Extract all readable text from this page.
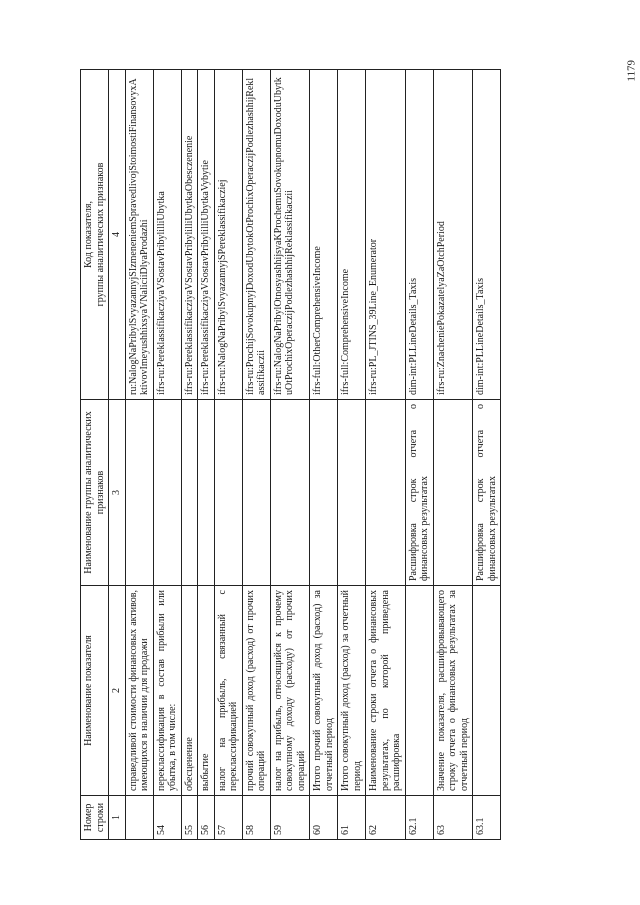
1179
Номер строки	Наименование показателя	Наименование группы аналитических признаков	Код показателя,
группы аналитических признаков
1	2	3	4
	справедливой стоимости финансовых активов, имеющихся в наличии для продажи		ru:NalogNaPribylSvyazannyjSIzmeneniemSpravedlivojStoimostiFinansovyxAktivovImeyushhixsyaVNaliciiDlyaProdazhi
54	переклассификация в состав прибыли или убытка, в том числе:		ifrs-ru:PereklassifikacziyaVSostavPribylilliUbytka
55	обесценение		ifrs-ru:PereklassifikacziyaVSostavPribylilliUbytkaObesczenenie
56	выбытие		ifrs-ru:PereklassifikacziyaVSostavPribylilliUbytkaVybytie
57	налог на прибыль, связанный с переклассификацией		ifrs-ru:NalogNaPribylSvyazannyjSPereklassifikacziej
58	прочий совокупный доход (расход) от прочих операций		ifrs-ru:ProchijSovokupnyjDoxodUbytokOtProchixOperaczijPodlezhashhijReklassifikaczii
59	налог на прибыль, относящийся к прочему совокупному доходу (расходу) от прочих операций		ifrs-ru:NalogNaPribylOtnosyashhijsyaKProchemuSovokupnomuDoxoduUbytkuOtProchixOperaczijPodlezhashhijReklassifikaczii
60	Итого прочий совокупный доход (расход) за отчетный период		ifrs-full:OtherComprehensiveIncome
61	Итого совокупный доход (расход) за отчетный период		ifrs-full:ComprehensiveIncome
62	Наименование строки отчета о финансовых результатах, по которой приведена расшифровка		ifrs-ru:PL_JTINS_39Line_Enumerator
62.1		Расшифровка строк отчета о финансовых результатах	dim-int:PLLineDetails_Taxis
63	Значение показателя, расшифровывающего строку отчета о финансовых результатах за отчетный период		ifrs-ru:ZnacheniePokazatelyaZaOtchPeriod
63.1		Расшифровка строк отчета о финансовых результатах	dim-int:PLLineDetails_Taxis
